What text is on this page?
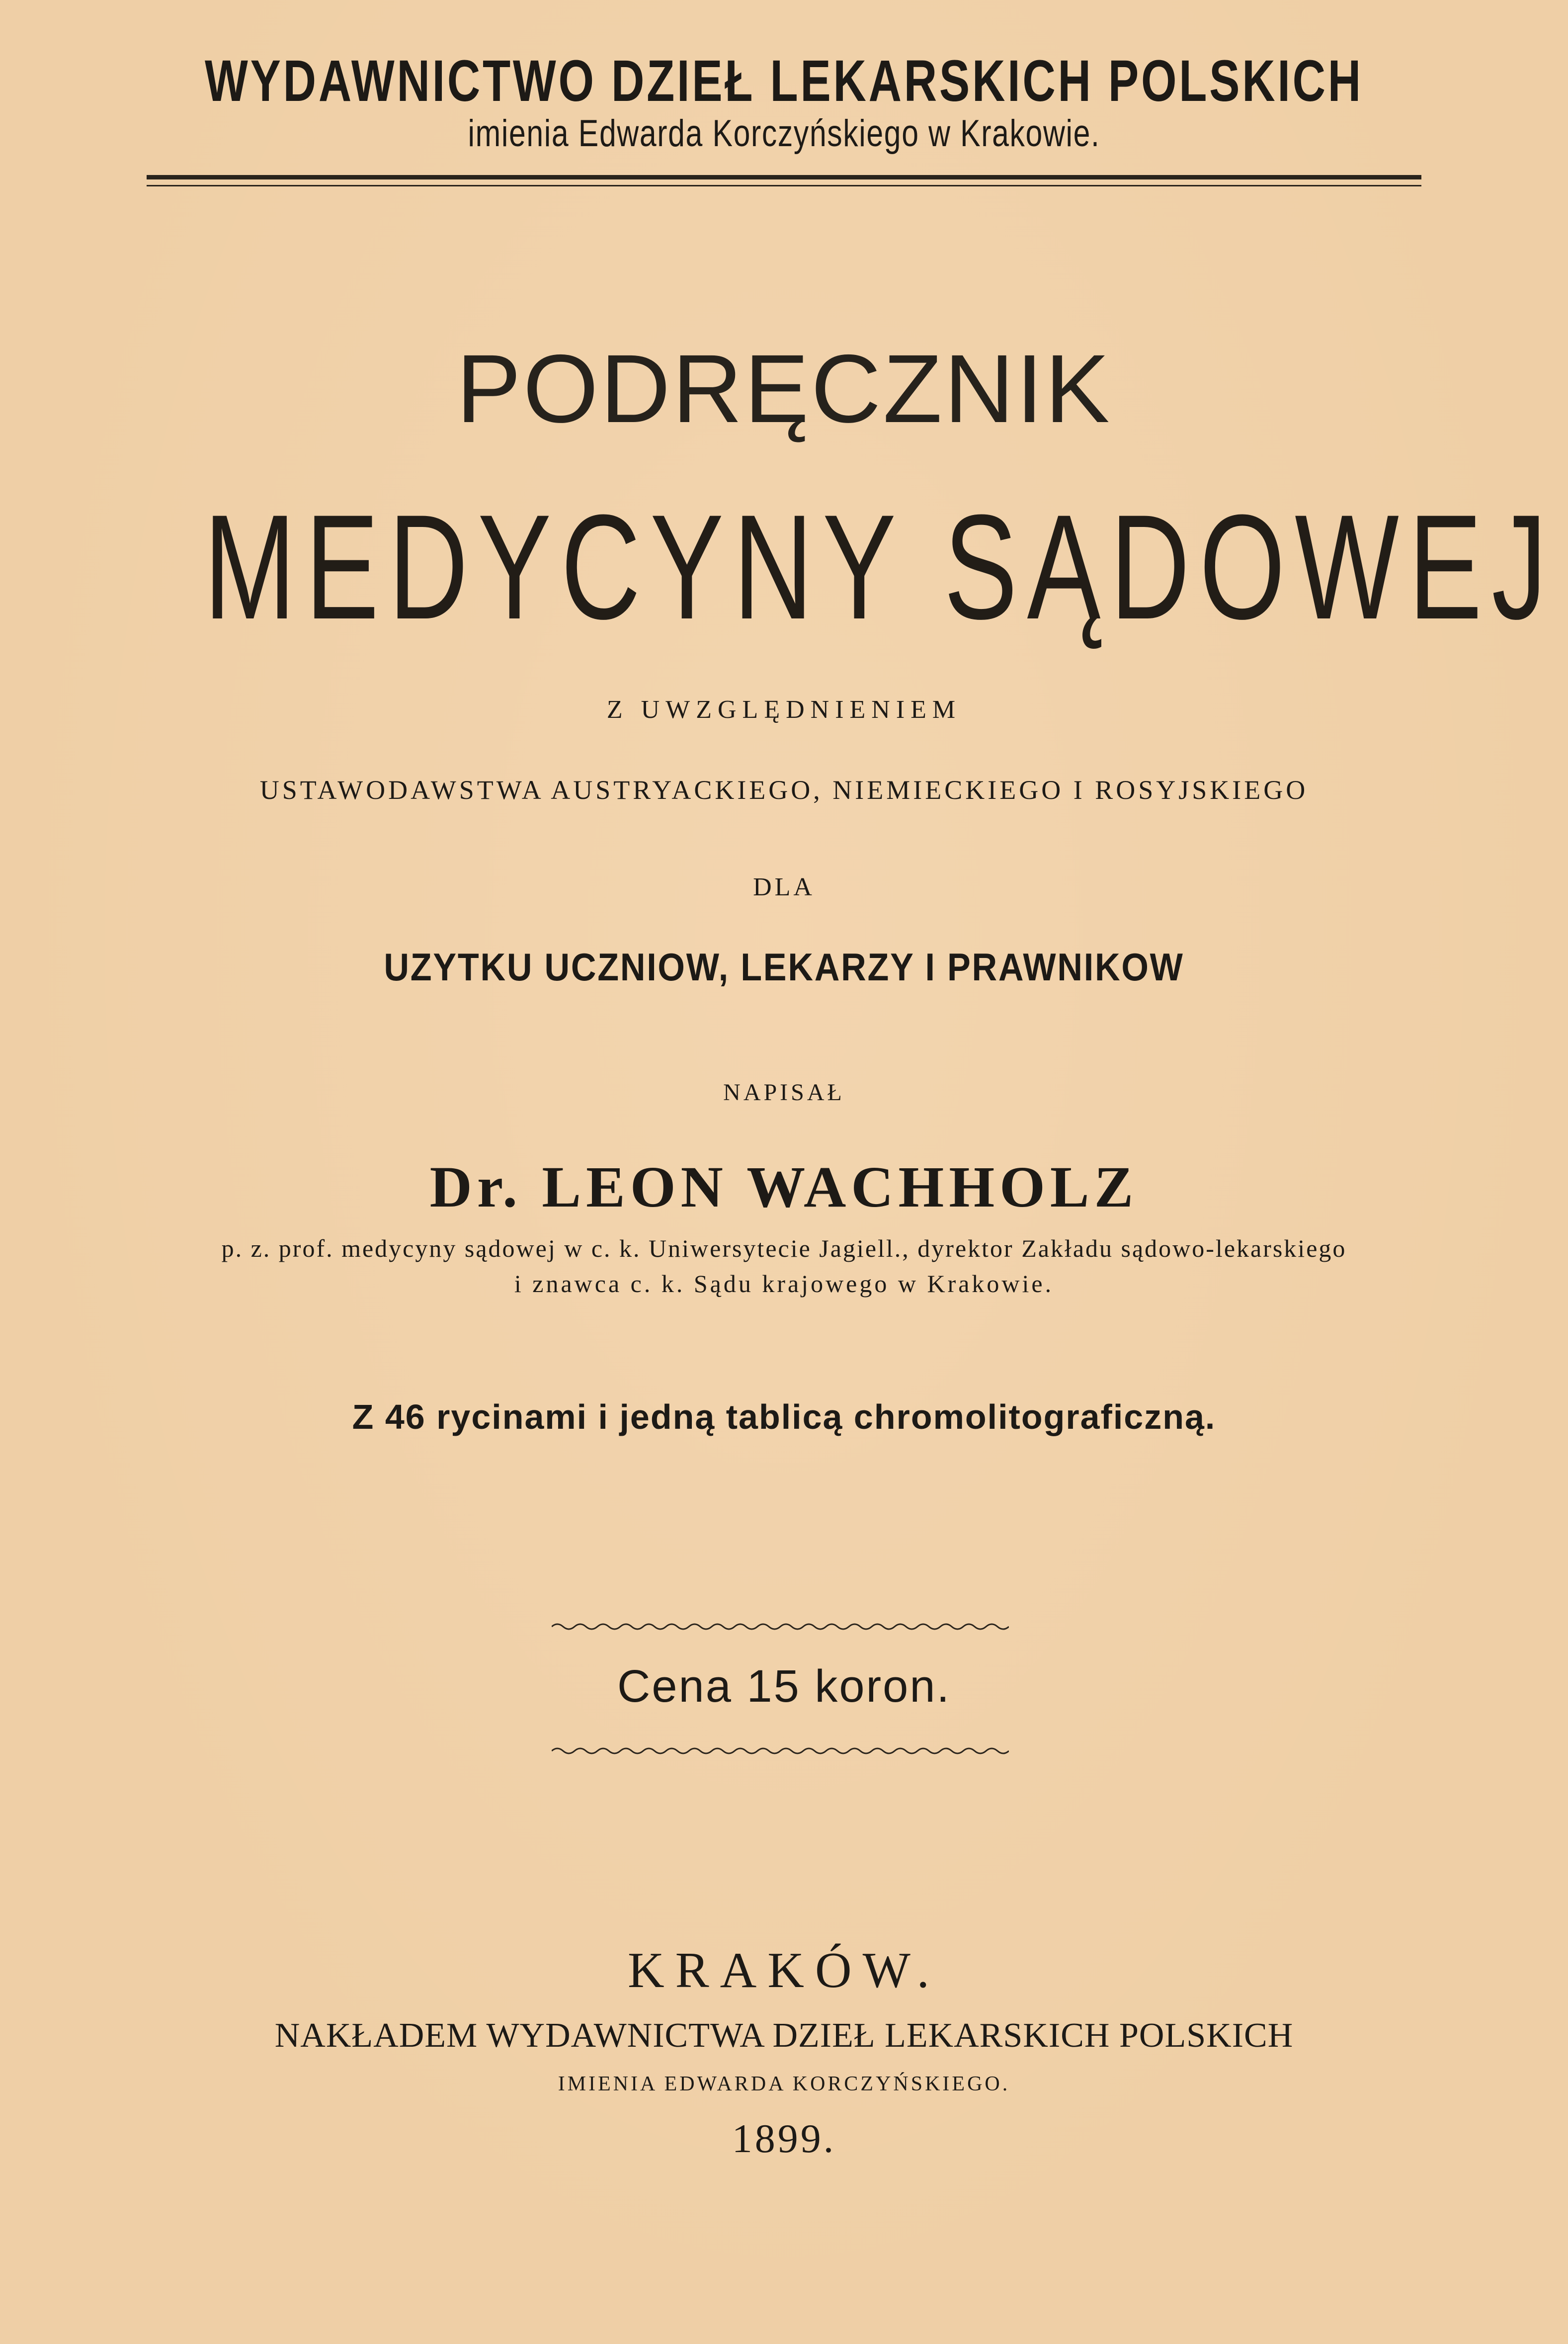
WYDAWNICTWO DZIEŁ LEKARSKICH POLSKICH

imienia Edwarda Korczyńskiego w Krakowie.

PODRĘCZNIK

MEDYCYNY SĄDOWEJ

Z UWZGLĘDNIENIEM

USTAWODAWSTWA AUSTRYACKIEGO, NIEMIECKIEGO I ROSYJSKIEGO

DLA

UZYTKU UCZNIOW, LEKARZY I PRAWNIKOW

NAPISAŁ

Dr. LEON WACHHOLZ

p. z. prof. medycyny sądowej w c. k. Uniwersytecie Jagiell., dyrektor Zakładu sądowo-lekarskiego

i znawca c. k. Sądu krajowego w Krakowie.

Z 46 rycinami i jedną tablicą chromolitograficzną.

Cena 15 koron.

KRAKÓW.

NAKŁADEM WYDAWNICTWA DZIEŁ LEKARSKICH POLSKICH

IMIENIA EDWARDA KORCZYŃSKIEGO.

1899.
